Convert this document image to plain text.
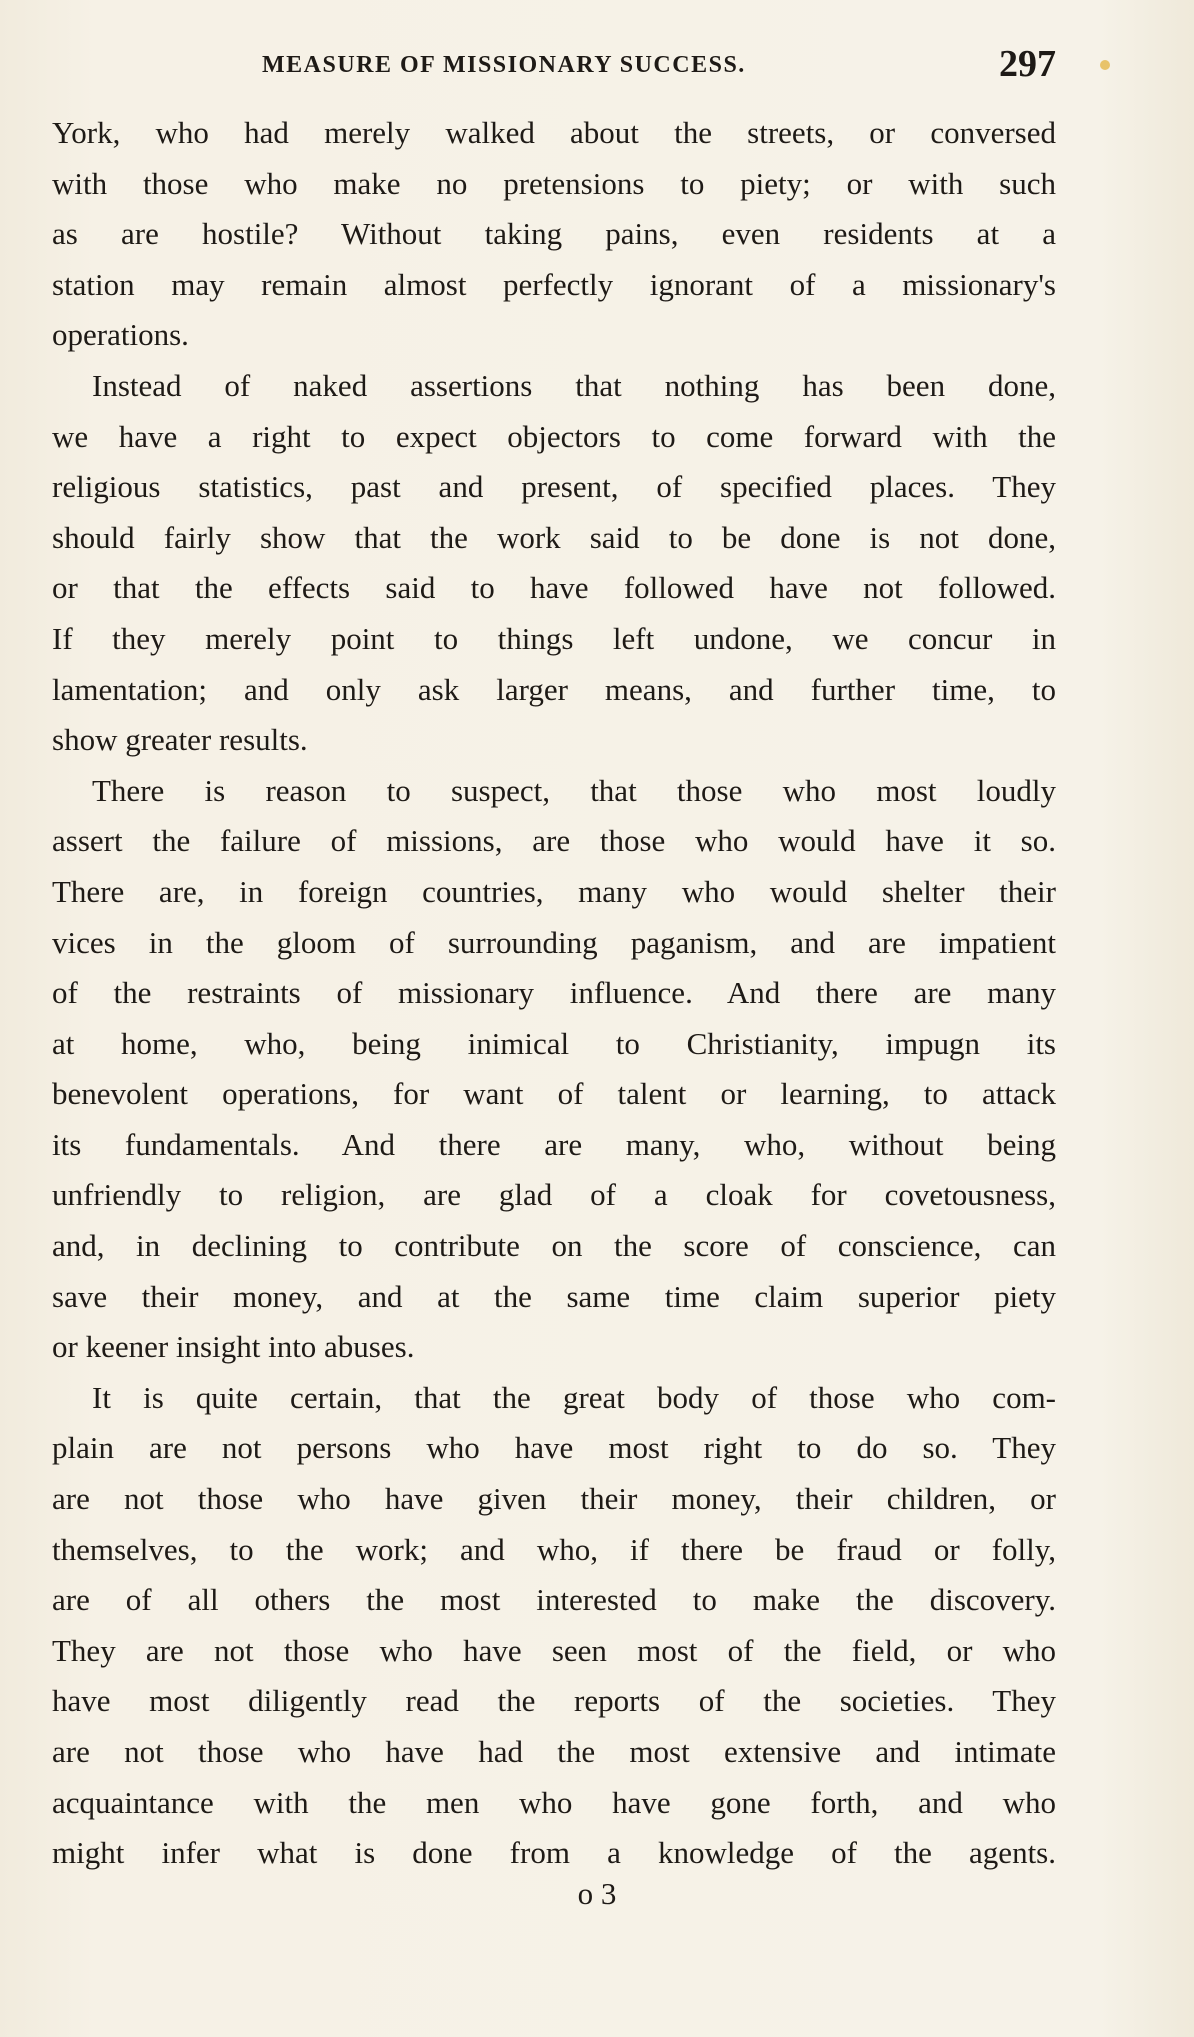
MEASURE OF MISSIONARY SUCCESS.	297
York, who had merely walked about the streets, or conversed
with those who make no pretensions to piety; or with such
as are hostile? Without taking pains, even residents at a
station may remain almost perfectly ignorant of a missionary's
operations.
Instead of naked assertions that nothing has been done,
we have a right to expect objectors to come forward with the
religious statistics, past and present, of specified places. They
should fairly show that the work said to be done is not done,
or that the effects said to have followed have not followed.
If they merely point to things left undone, we concur in
lamentation; and only ask larger means, and further time, to
show greater results.
There is reason to suspect, that those who most loudly
assert the failure of missions, are those who would have it so.
There are, in foreign countries, many who would shelter their
vices in the gloom of surrounding paganism, and are impatient
of the restraints of missionary influence. And there are many
at home, who, being inimical to Christianity, impugn its
benevolent operations, for want of talent or learning, to attack
its fundamentals. And there are many, who, without being
unfriendly to religion, are glad of a cloak for covetousness,
and, in declining to contribute on the score of conscience, can
save their money, and at the same time claim superior piety
or keener insight into abuses.
It is quite certain, that the great body of those who com-
plain are not persons who have most right to do so. They
are not those who have given their money, their children, or
themselves, to the work; and who, if there be fraud or folly,
are of all others the most interested to make the discovery.
They are not those who have seen most of the field, or who
have most diligently read the reports of the societies. They
are not those who have had the most extensive and intimate
acquaintance with the men who have gone forth, and who
might infer what is done from a knowledge of the agents.
o 3
